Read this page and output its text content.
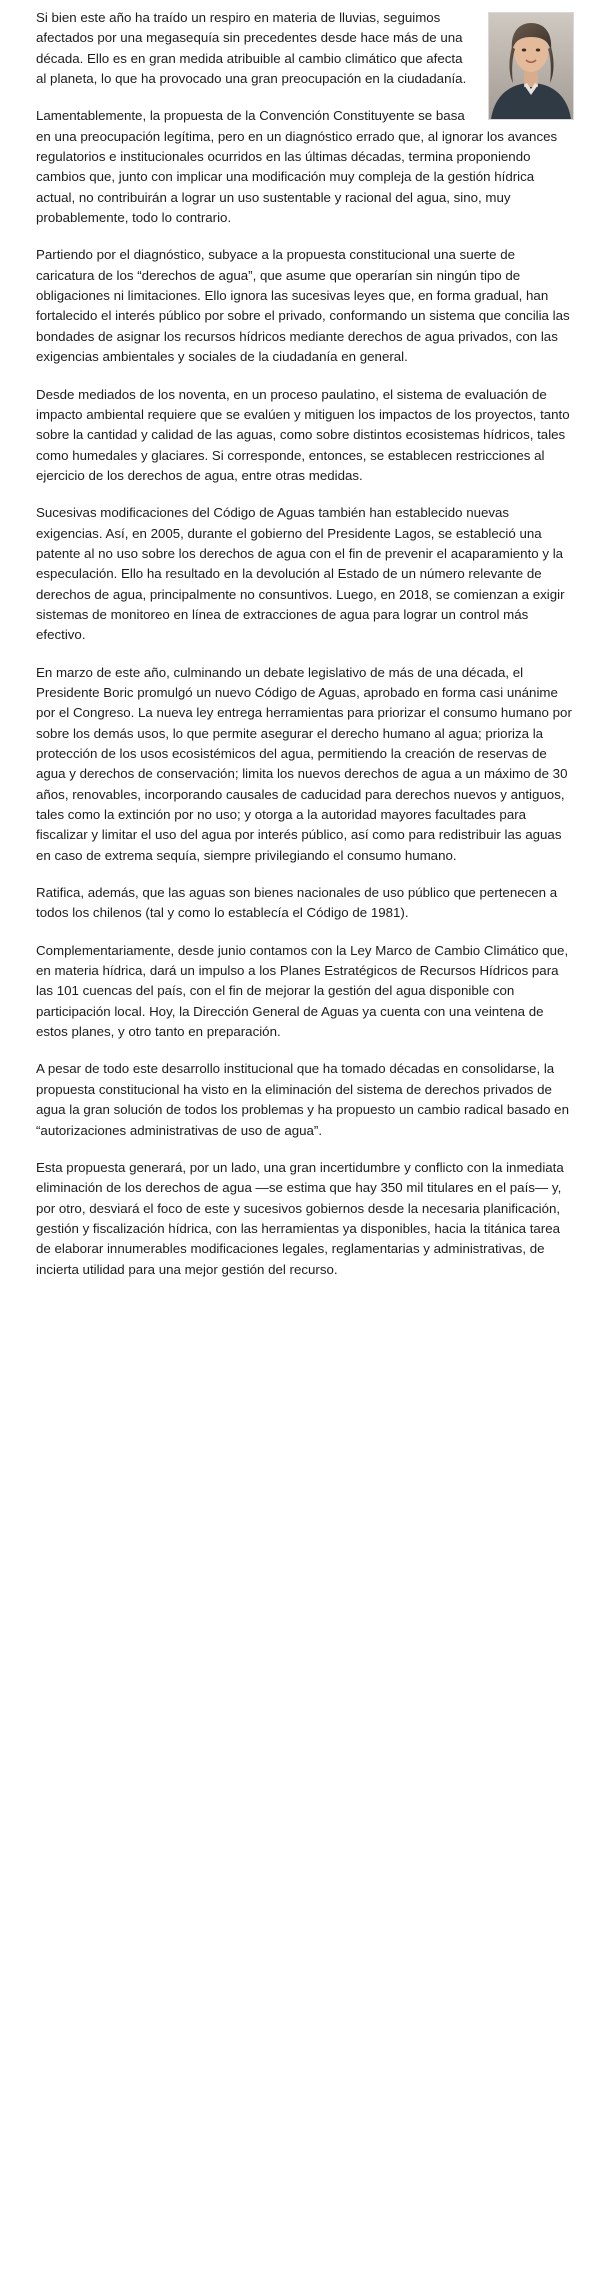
Si bien este año ha traído un respiro en materia de lluvias, seguimos afectados por una megasequía sin precedentes desde hace más de una década. Ello es en gran medida atribuible al cambio climático que afecta al planeta, lo que ha provocado una gran preocupación en la ciudadanía.

Lamentablemente, la propuesta de la Convención Constituyente se basa en una preocupación legítima, pero en un diagnóstico errado que, al ignorar los avances regulatorios e institucionales ocurridos en las últimas décadas, termina proponiendo cambios que, junto con implicar una modificación muy compleja de la gestión hídrica actual, no contribuirán a lograr un uso sustentable y racional del agua, sino, muy probablemente, todo lo contrario.

Partiendo por el diagnóstico, subyace a la propuesta constitucional una suerte de caricatura de los “derechos de agua”, que asume que operarían sin ningún tipo de obligaciones ni limitaciones. Ello ignora las sucesivas leyes que, en forma gradual, han fortalecido el interés público por sobre el privado, conformando un sistema que concilia las bondades de asignar los recursos hídricos mediante derechos de agua privados, con las exigencias ambientales y sociales de la ciudadanía en general.

Desde mediados de los noventa, en un proceso paulatino, el sistema de evaluación de impacto ambiental requiere que se evalúen y mitiguen los impactos de los proyectos, tanto sobre la cantidad y calidad de las aguas, como sobre distintos ecosistemas hídricos, tales como humedales y glaciares. Si corresponde, entonces, se establecen restricciones al ejercicio de los derechos de agua, entre otras medidas.

Sucesivas modificaciones del Código de Aguas también han establecido nuevas exigencias. Así, en 2005, durante el gobierno del Presidente Lagos, se estableció una patente al no uso sobre los derechos de agua con el fin de prevenir el acaparamiento y la especulación. Ello ha resultado en la devolución al Estado de un número relevante de derechos de agua, principalmente no consuntivos. Luego, en 2018, se comienzan a exigir sistemas de monitoreo en línea de extracciones de agua para lograr un control más efectivo.

En marzo de este año, culminando un debate legislativo de más de una década, el Presidente Boric promulgó un nuevo Código de Aguas, aprobado en forma casi unánime por el Congreso. La nueva ley entrega herramientas para priorizar el consumo humano por sobre los demás usos, lo que permite asegurar el derecho humano al agua; prioriza la protección de los usos ecosistémicos del agua, permitiendo la creación de reservas de agua y derechos de conservación; limita los nuevos derechos de agua a un máximo de 30 años, renovables, incorporando causales de caducidad para derechos nuevos y antiguos, tales como la extinción por no uso; y otorga a la autoridad mayores facultades para fiscalizar y limitar el uso del agua por interés público, así como para redistribuir las aguas en caso de extrema sequía, siempre privilegiando el consumo humano.

Ratifica, además, que las aguas son bienes nacionales de uso público que pertenecen a todos los chilenos (tal y como lo establecía el Código de 1981).

Complementariamente, desde junio contamos con la Ley Marco de Cambio Climático que, en materia hídrica, dará un impulso a los Planes Estratégicos de Recursos Hídricos para las 101 cuencas del país, con el fin de mejorar la gestión del agua disponible con participación local. Hoy, la Dirección General de Aguas ya cuenta con una veintena de estos planes, y otro tanto en preparación.

A pesar de todo este desarrollo institucional que ha tomado décadas en consolidarse, la propuesta constitucional ha visto en la eliminación del sistema de derechos privados de agua la gran solución de todos los problemas y ha propuesto un cambio radical basado en “autorizaciones administrativas de uso de agua”.

Esta propuesta generará, por un lado, una gran incertidumbre y conflicto con la inmediata eliminación de los derechos de agua —se estima que hay 350 mil titulares en el país— y, por otro, desviará el foco de este y sucesivos gobiernos desde la necesaria planificación, gestión y fiscalización hídrica, con las herramientas ya disponibles, hacia la titánica tarea de elaborar innumerables modificaciones legales, reglamentarias y administrativas, de incierta utilidad para una mejor gestión del recurso.
